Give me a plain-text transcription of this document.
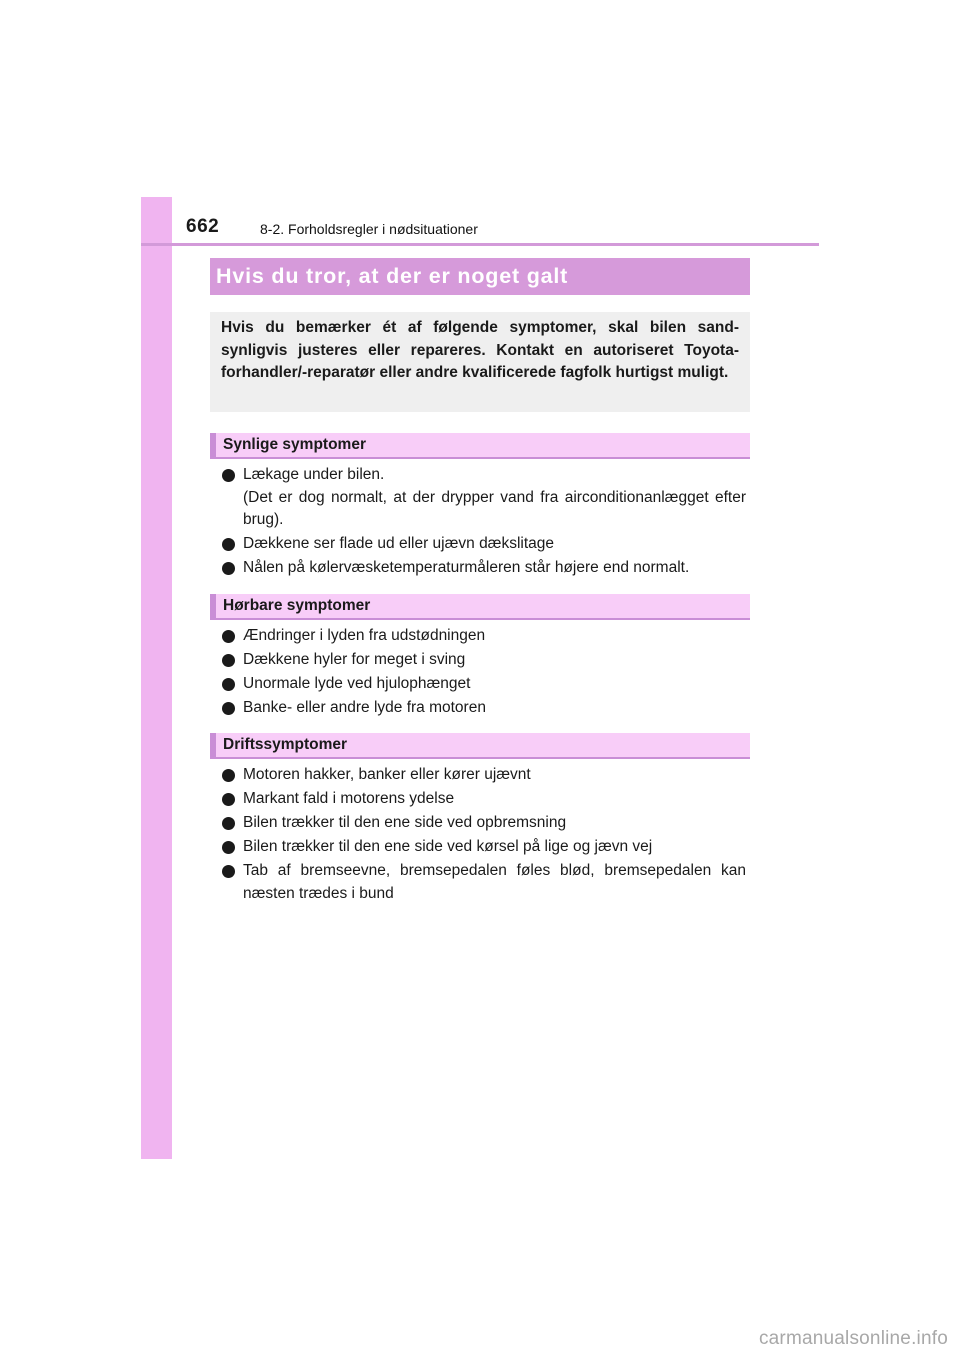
662	8-2. Forholdsregler i nødsituationer
Hvis du tror, at der er noget galt
Hvis du bemærker ét af følgende symptomer, skal bilen sand-synligvis justeres eller repareres. Kontakt en autoriseret Toyota-forhandler/-reparatør eller andre kvalificerede fagfolk hurtigst muligt.
Synlige symptomer
Lækage under bilen.
(Det er dog normalt, at der drypper vand fra airconditionanlægget efter brug).
Dækkene ser flade ud eller ujævn dækslitage
Nålen på kølervæsketemperaturmåleren står højere end normalt.
Hørbare symptomer
Ændringer i lyden fra udstødningen
Dækkene hyler for meget i sving
Unormale lyde ved hjulophænget
Banke- eller andre lyde fra motoren
Driftssymptomer
Motoren hakker, banker eller kører ujævnt
Markant fald i motorens ydelse
Bilen trækker til den ene side ved opbremsning
Bilen trækker til den ene side ved kørsel på lige og jævn vej
Tab af bremseevne, bremsepedalen føles blød, bremsepedalen kan næsten trædes i bund
carmanualsonline.info
